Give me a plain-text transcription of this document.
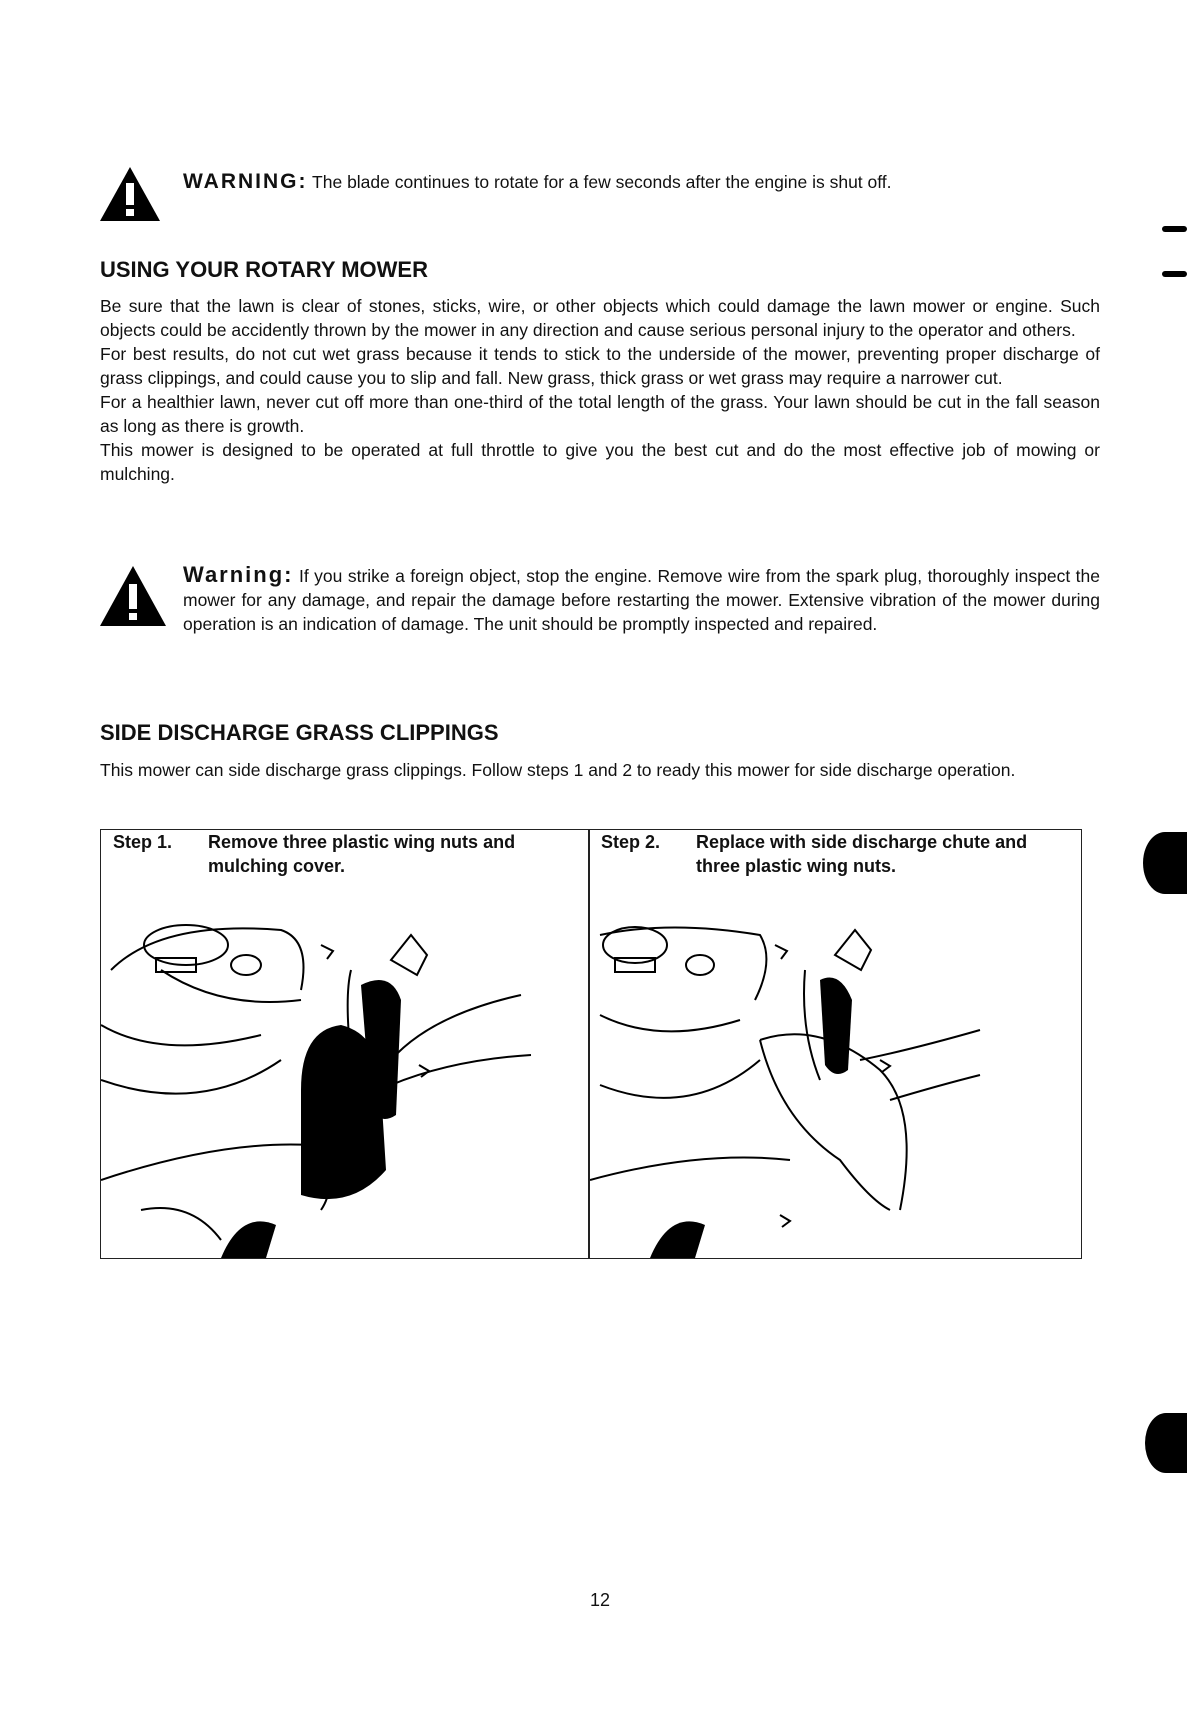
WARNING: The blade continues to rotate for a few seconds after the engine is shut off.
USING YOUR ROTARY MOWER

Be sure that the lawn is clear of stones, sticks, wire, or other objects which could damage the lawn mower or engine. Such objects could be accidently thrown by the mower in any direction and cause serious personal injury to the operator and others.

For best results, do not cut wet grass because it tends to stick to the underside of the mower, preventing proper discharge of grass clippings, and could cause you to slip and fall. New grass, thick grass or wet grass may require a narrower cut.

For a healthier lawn, never cut off more than one-third of the total length of the grass. Your lawn should be cut in the fall season as long as there is growth.

This mower is designed to be operated at full throttle to give you the best cut and do the most effective job of mowing or mulching.

Warning: If you strike a foreign object, stop the engine. Remove wire from the spark plug, thoroughly inspect the mower for any damage, and repair the damage before restarting the mower. Extensive vibration of the mower during operation is an indication of damage. The unit should be promptly inspected and repaired.
SIDE DISCHARGE GRASS CLIPPINGS

This mower can side discharge grass clippings. Follow steps 1 and 2 to ready this mower for side discharge operation.

Step 1. Remove three plastic wing nuts and mulching cover.
Step 2. Replace with side discharge chute and three plastic wing nuts.
12
